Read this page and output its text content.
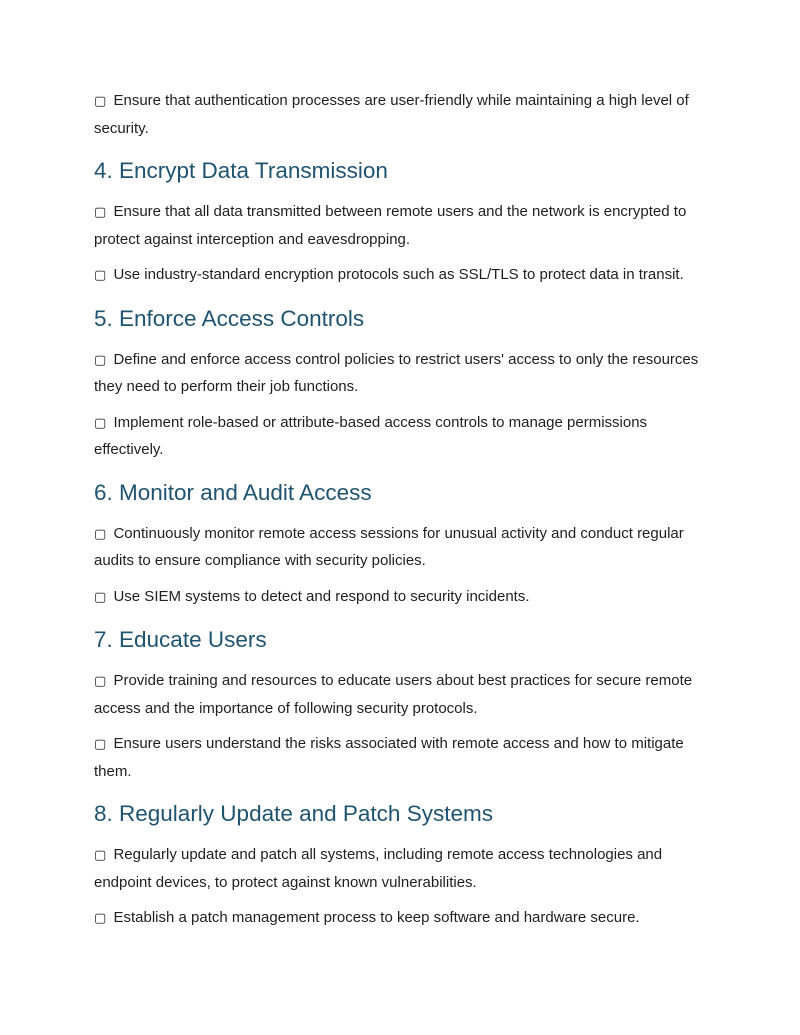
▢ Ensure that authentication processes are user-friendly while maintaining a high level of security.

4. Encrypt Data Transmission

▢ Ensure that all data transmitted between remote users and the network is encrypted to protect against interception and eavesdropping.

▢ Use industry-standard encryption protocols such as SSL/TLS to protect data in transit.

5. Enforce Access Controls

▢ Define and enforce access control policies to restrict users' access to only the resources they need to perform their job functions.

▢ Implement role-based or attribute-based access controls to manage permissions effectively.

6. Monitor and Audit Access

▢ Continuously monitor remote access sessions for unusual activity and conduct regular audits to ensure compliance with security policies.

▢ Use SIEM systems to detect and respond to security incidents.

7. Educate Users

▢ Provide training and resources to educate users about best practices for secure remote access and the importance of following security protocols.

▢ Ensure users understand the risks associated with remote access and how to mitigate them.

8. Regularly Update and Patch Systems

▢ Regularly update and patch all systems, including remote access technologies and endpoint devices, to protect against known vulnerabilities.

▢ Establish a patch management process to keep software and hardware secure.
